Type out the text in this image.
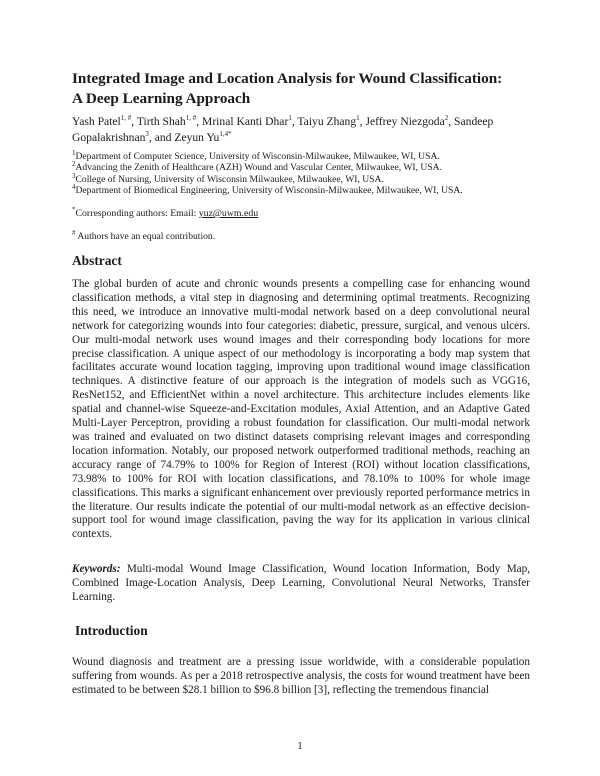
Integrated Image and Location Analysis for Wound Classification:
A Deep Learning Approach

Yash Patel$^{1, \#}$, Tirth Shah$^{1, \#}$, Mrinal Kanti Dhar$^1$, Taiyu Zhang$^1$, Jeffrey Niezgoda$^2$, Sandeep Gopalakrishnan$^3$, and Zeyun $Yu^{1,4*}$

$^1$Department of Computer Science, University of Wisconsin-Milwaukee, Milwaukee, WI, USA.
$^2$Advancing the Zenith of Healthcare (AZH) Wound and Vascular Center, Milwaukee, WI, USA.
$^3$College of Nursing, University of Wisconsin Milwaukee, Milwaukee, WI, USA.
$^4$Department of Biomedical Engineering, University of Wisconsin-Milwaukee, Milwaukee, WI, USA.
*Corresponding authors: Email: yuz@uwm.edu
# Authors have an equal contribution.
Abstract

The global burden of acute and chronic wounds presents a compelling case for enhancing wound classification methods, a vital step in diagnosing and determining optimal treatments. Recognizing this need, we introduce an innovative multi-modal network based on a deep convolutional neural network for categorizing wounds into four categories: diabetic, pressure, surgical, and venous ulcers. Our multi-modal network uses wound images and their corresponding body locations for more precise classification. A unique aspect of our methodology is incorporating a body map system that facilitates accurate wound location tagging, improving upon traditional wound image classification techniques. A distinctive feature of our approach is the integration of models such as VGG16, ResNet152, and EfficientNet within a novel architecture. This architecture includes elements like spatial and channel-wise Squeeze-and-Excitation modules, Axial Attention, and an Adaptive Gated Multi-Layer Perceptron, providing a robust foundation for classification. Our multi-modal network was trained and evaluated on two distinct datasets comprising relevant images and corresponding location information. Notably, our proposed network outperformed traditional methods, reaching an accuracy range of 74.79% to 100% for Region of Interest (ROI) without location classifications, 73.98% to 100% for ROI with location classifications, and 78.10% to 100% for whole image classifications. This marks a significant enhancement over previously reported performance metrics in the literature. Our results indicate the potential of our multi-modal network as an effective decision-support tool for wound image classification, paving the way for its application in various clinical contexts.

Keywords: Multi-modal Wound Image Classification, Wound location Information, Body Map, Combined Image-Location Analysis, Deep Learning, Convolutional Neural Networks, Transfer Learning.

Introduction

Wound diagnosis and treatment are a pressing issue worldwide, with a considerable population suffering from wounds. As per a 2018 retrospective analysis, the costs for wound treatment have been estimated to be between $28.1 billion to $96.8 billion [3], reflecting the tremendous financial

1
